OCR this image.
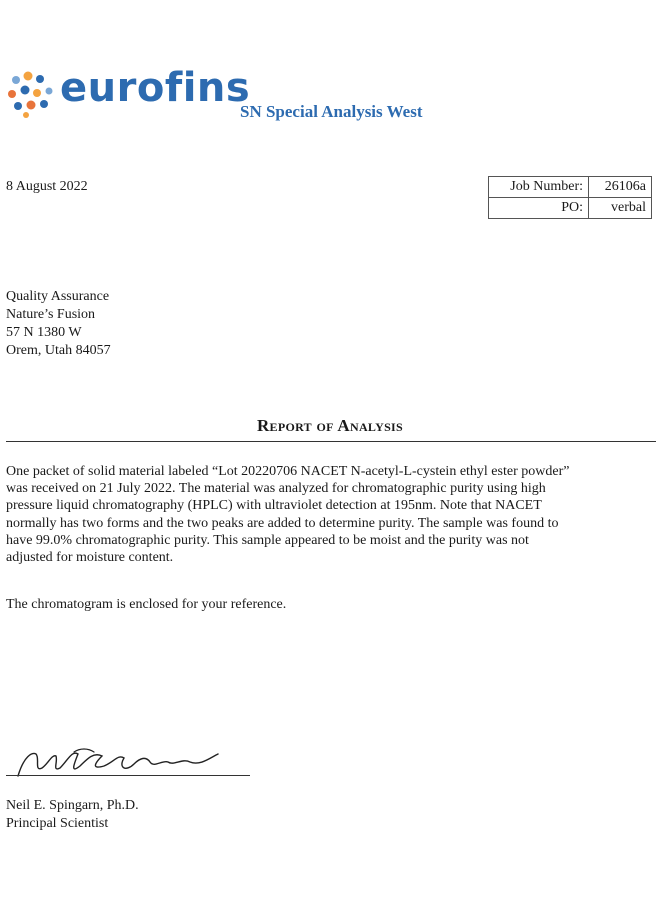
eurofins
SN Special Analysis West
8 August 2022	Job Number:	26106a
PO:	verbal
Quality Assurance
Nature’s Fusion
57 N 1380 W
Orem, Utah 84057
Report of Analysis

One packet of solid material labeled “Lot 20220706 NACET N-acetyl-L-cystein ethyl ester powder”

was received on 21 July 2022. The material was analyzed for chromatographic purity using high

pressure liquid chromatography (HPLC) with ultraviolet detection at 195nm. Note that NACET

normally has two forms and the two peaks are added to determine purity. The sample was found to

have 99.0% chromatographic purity. This sample appeared to be moist and the purity was not

adjusted for moisture content.

The chromatogram is enclosed for your reference.
Neil E. Spingarn, Ph.D.
Principal Scientist
